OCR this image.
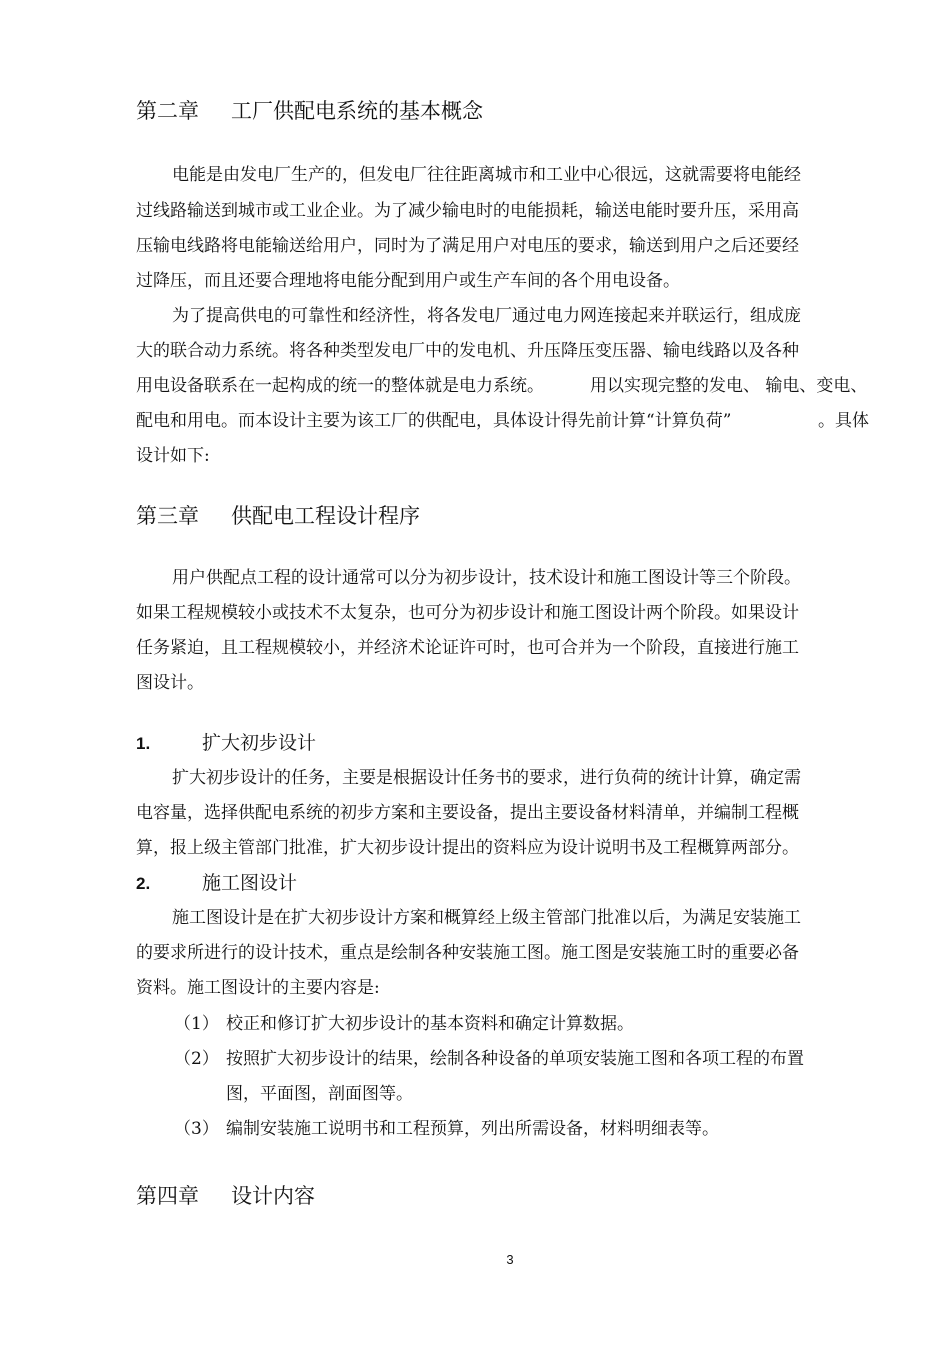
第二章 工厂供配电系统的基本概念
电能是由发电厂生产的，但发电厂往往距离城市和工业中心很远，这就需要将电能经
过线路输送到城市或工业企业。为了减少输电时的电能损耗，输送电能时要升压，采用高
压输电线路将电能输送给用户，同时为了满足用户对电压的要求，输送到用户之后还要经
过降压，而且还要合理地将电能分配到用户或生产车间的各个用电设备。
为了提高供电的可靠性和经济性，将各发电厂通过电力网连接起来并联运行，组成庞
大的联合动力系统。将各种类型发电厂中的发电机、升压降压变压器、输电线路以及各种
用电设备联系在一起构成的统一的整体就是电力系统。	用以实现完整的发电、 输电、变电、
配电和用电。而本设计主要为该工厂的供配电，具体设计得先前计算“计算负荷”	。具体
设计如下:
第三章 供配电工程设计程序
用户供配点工程的设计通常可以分为初步设计，技术设计和施工图设计等三个阶段。
如果工程规模较小或技术不太复杂，也可分为初步设计和施工图设计两个阶段。如果设计
任务紧迫，且工程规模较小，并经济术论证许可时，也可合并为一个阶段，直接进行施工
图设计。
1.	扩大初步设计
扩大初步设计的任务，主要是根据设计任务书的要求，进行负荷的统计计算，确定需
电容量，选择供配电系统的初步方案和主要设备，提出主要设备材料清单，并编制工程概
算，报上级主管部门批准，扩大初步设计提出的资料应为设计说明书及工程概算两部分。
2.	施工图设计
施工图设计是在扩大初步设计方案和概算经上级主管部门批准以后，为满足安装施工
的要求所进行的设计技术，重点是绘制各种安装施工图。施工图是安装施工时的重要必备
资料。施工图设计的主要内容是:
（1） 校正和修订扩大初步设计的基本资料和确定计算数据。
（2） 按照扩大初步设计的结果，绘制各种设备的单项安装施工图和各项工程的布置
图，平面图，剖面图等。
（3） 编制安装施工说明书和工程预算，列出所需设备，材料明细表等。
第四章 设计内容
3
